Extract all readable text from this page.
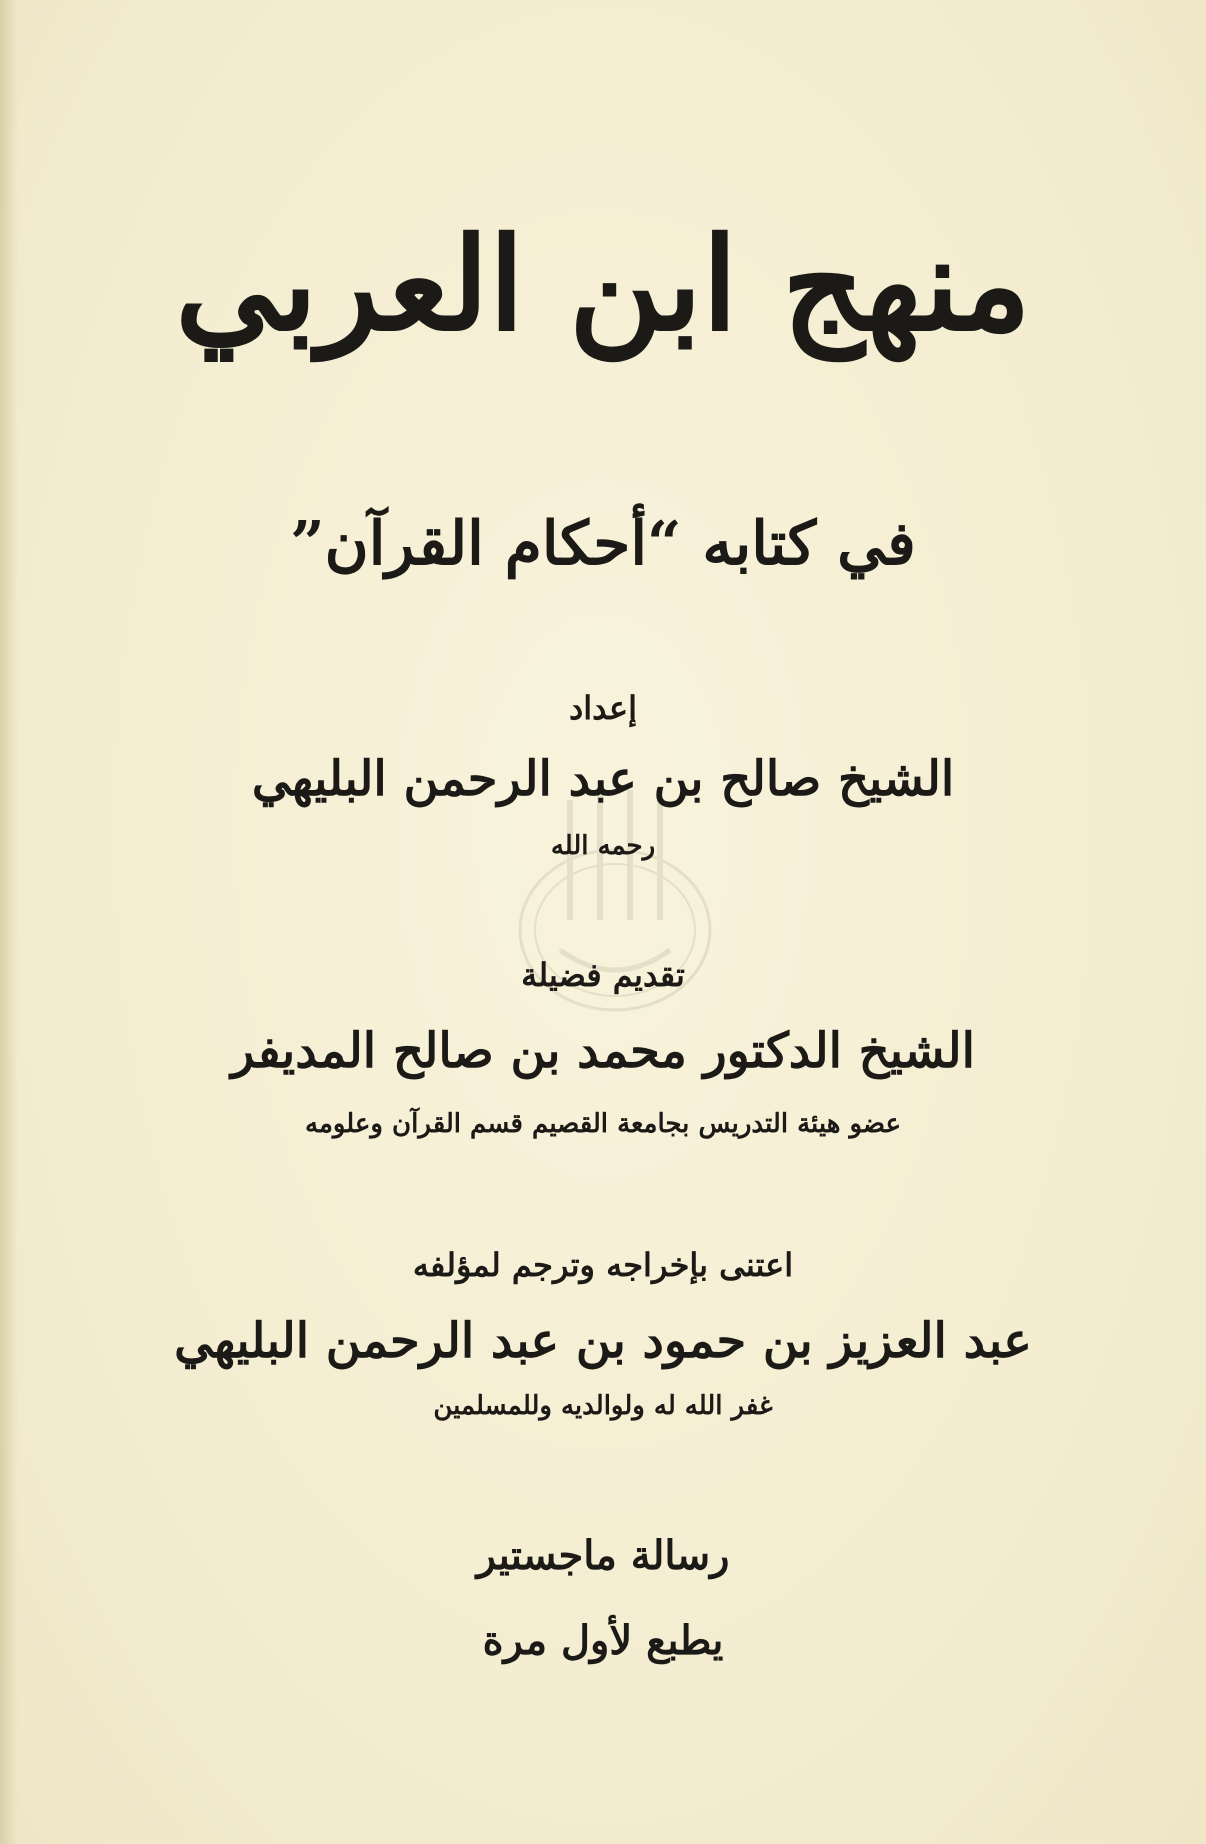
منهج ابن العربي
في كتابه “أحكام القرآن”
إعداد
الشيخ صالح بن عبد الرحمن البليهي
رحمه الله
تقديم فضيلة
الشيخ الدكتور محمد بن صالح المديفر
عضو هيئة التدريس بجامعة القصيم قسم القرآن وعلومه
اعتنى بإخراجه وترجم لمؤلفه
عبد العزيز بن حمود بن عبد الرحمن البليهي
غفر الله له ولوالديه وللمسلمين
رسالة ماجستير
يطبع لأول مرة
